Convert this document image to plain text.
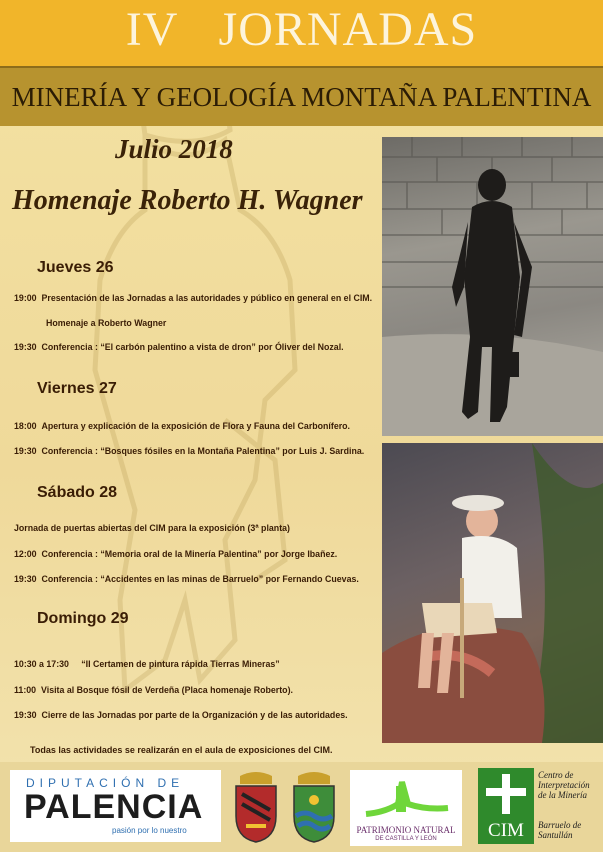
IV JORNADAS
MINERÍA Y GEOLOGÍA MONTAÑA PALENTINA
Julio 2018
Homenaje Roberto H. Wagner
Jueves 26
19:00 Presentación de las Jornadas a las autoridades y público en general en el CIM.
Homenaje a Roberto Wagner
19:30 Conferencia : “El carbón palentino a vista de dron” por Óliver del Nozal.
Viernes 27
18:00 Apertura y explicación de la exposición de Flora y Fauna del Carbonífero.
19:30 Conferencia : “Bosques fósiles en la Montaña Palentina” por Luis J. Sardina.
Sábado 28
Jornada de puertas abiertas del CIM para la exposición (3ª planta)
12:00 Conferencia : “Memoria oral de la Minería Palentina” por Jorge Ibañez.
19:30 Conferencia : “Accidentes en las minas de Barruelo” por Fernando Cuevas.
Domingo 29
10:30 a 17:30 “II Certamen de pintura rápida Tierras Mineras”
11:00 Visita al Bosque fósil de Verdeña (Placa homenaje Roberto).
19:30 Cierre de las Jornadas por parte de la Organización y de las autoridades.
Todas las actividades se realizarán en el aula de exposiciones del CIM.
DIPUTACIÓN DE
PALENCIA
pasión por lo nuestro	PATRIMONIO NATURAL
DE CASTILLA Y LEÓN	CIM
Centro de
Interpretación
de la Minería
Barruelo de
Santullán
